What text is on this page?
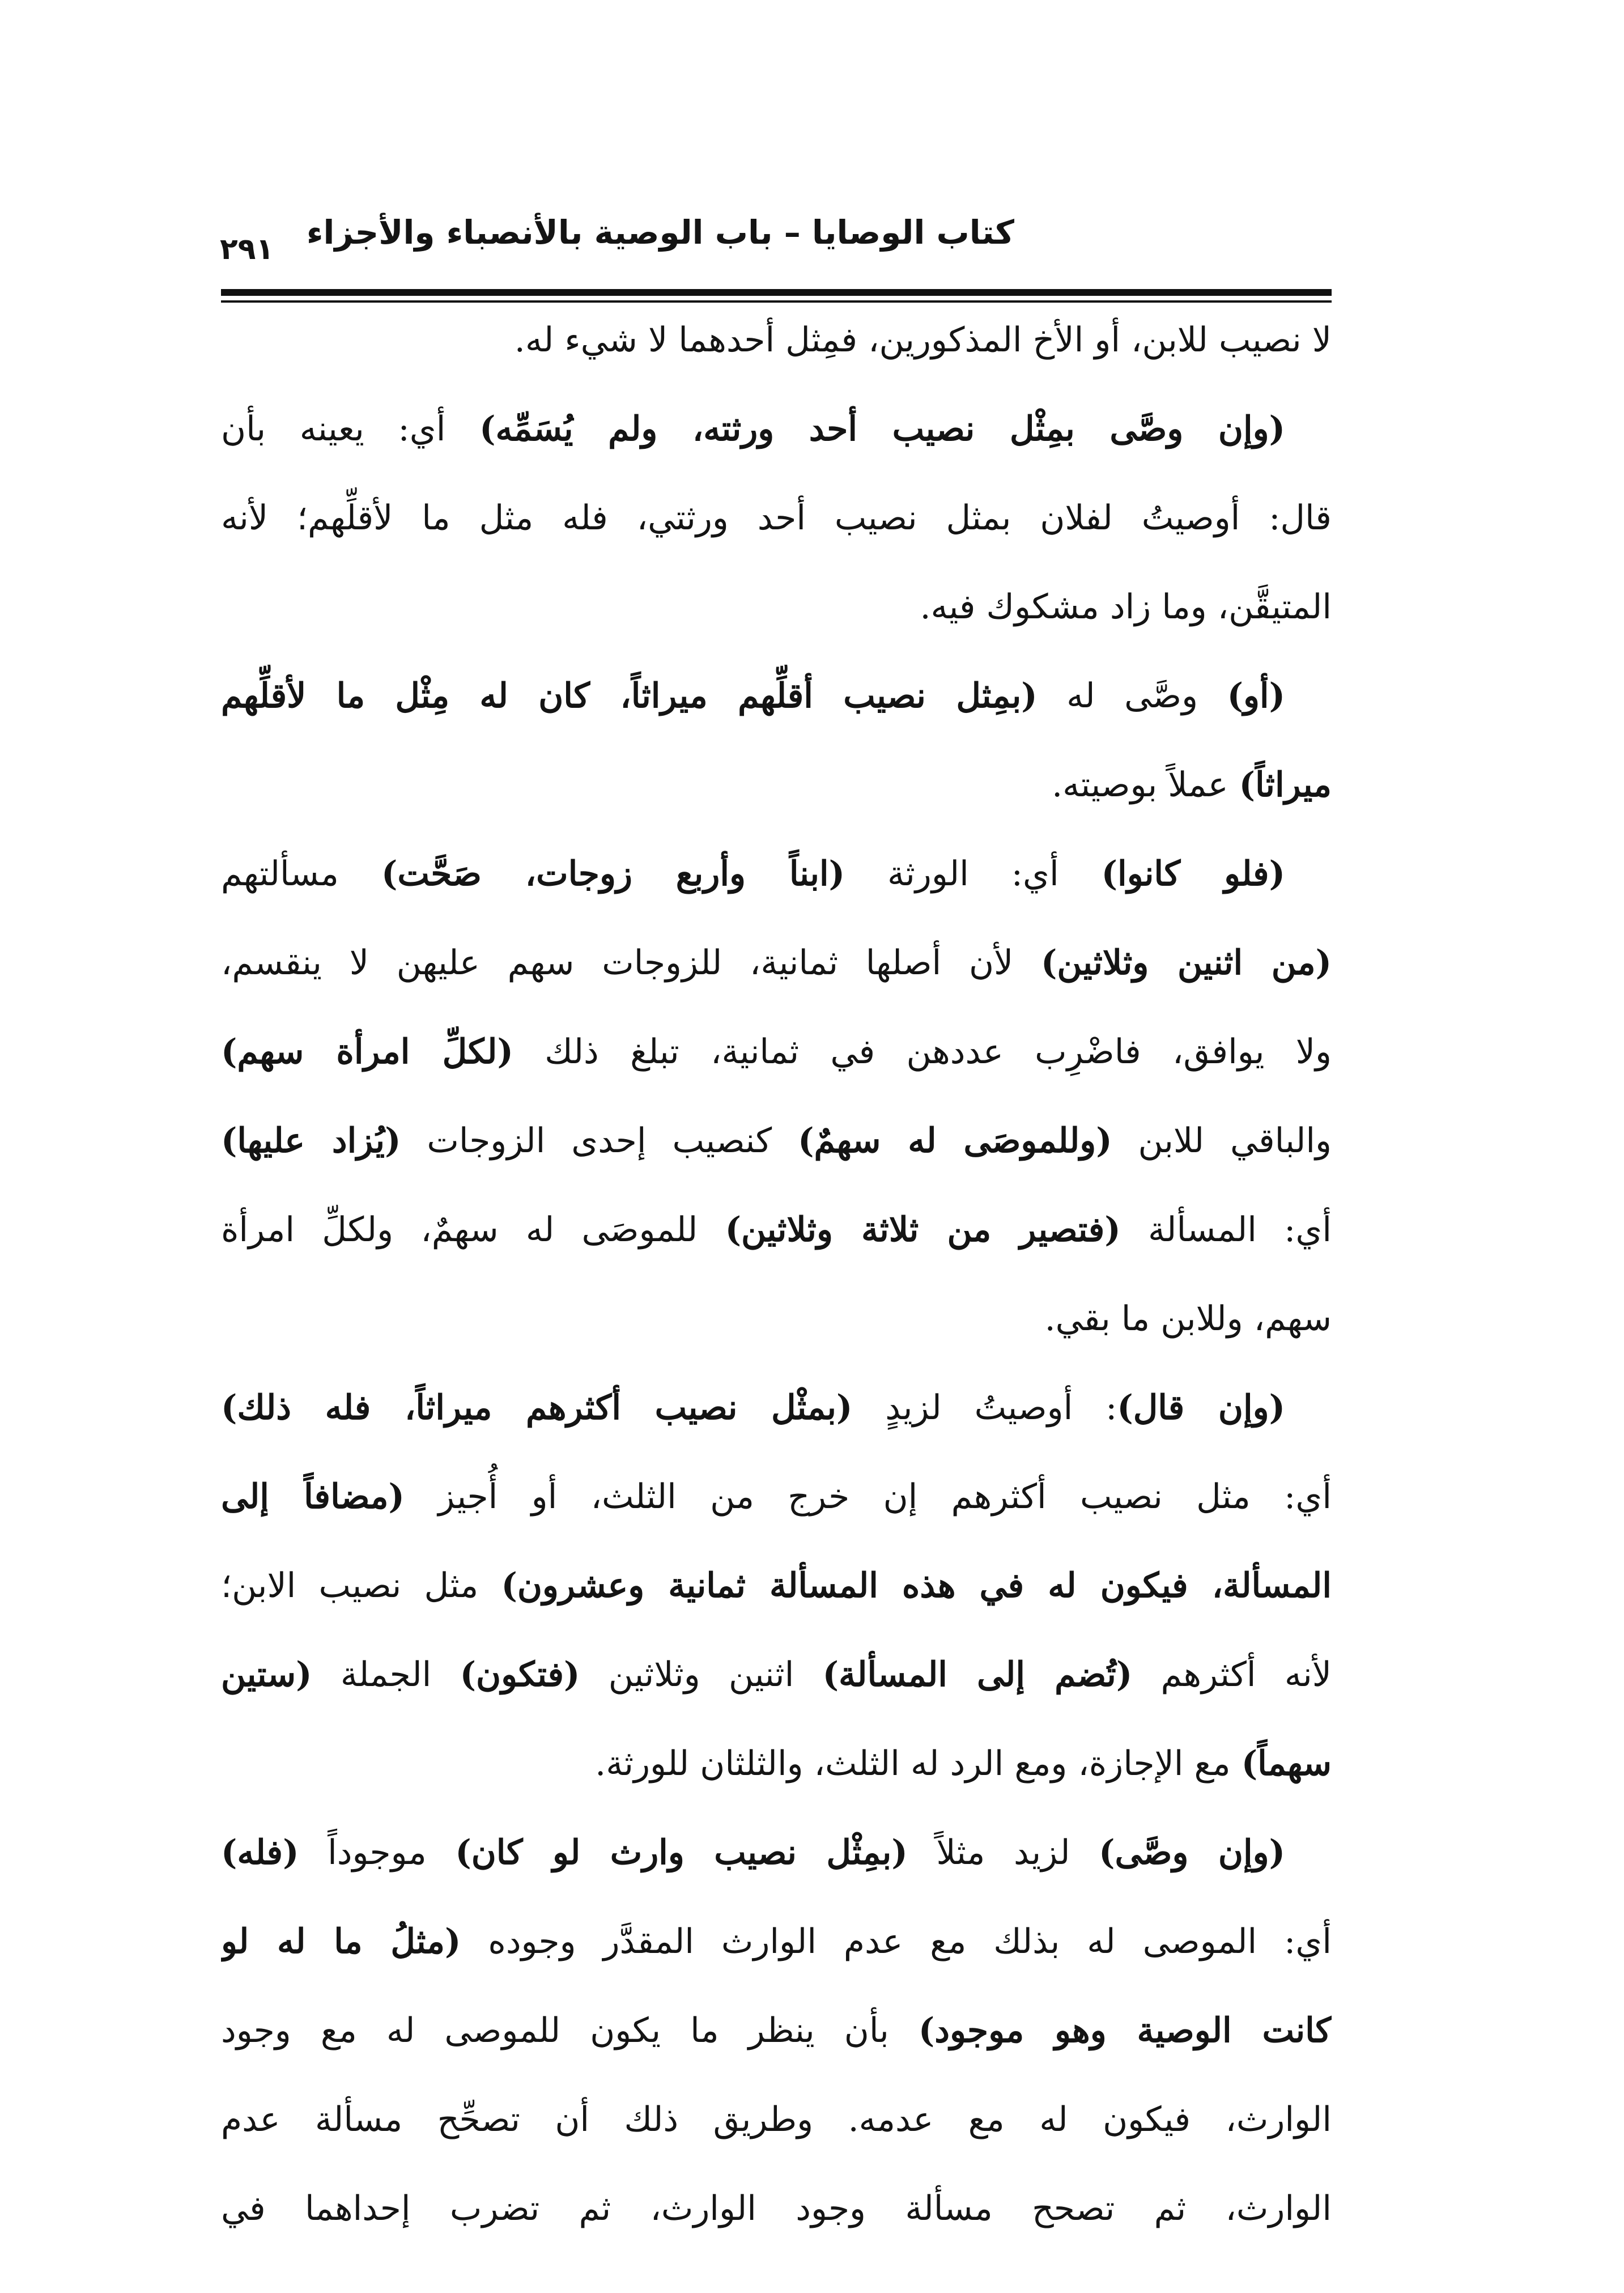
كتاب الوصايا – باب الوصية بالأنصباء والأجزاء
٢٩١
لا نصيب للابن، أو الأخ المذكورين، فمِثل أحدهما لا شيء له.
(وإن وصَّى بمِثْل نصيب أحد ورثته، ولم يُسَمِّه) أي: يعينه بأن
قال: أوصيتُ لفلان بمثل نصيب أحد ورثتي، فله مثل ما لأقلِّهم؛ لأنه
المتيقَّن، وما زاد مشكوك فيه.
(أو) وصَّى له (بمِثل نصيب أقلِّهم ميراثاً، كان له مِثْل ما لأقلِّهم
ميراثاً) عملاً بوصيته.
(فلو كانوا) أي: الورثة (ابناً وأربع زوجات، صَحَّت) مسألتهم
(من اثنين وثلاثين) لأن أصلها ثمانية، للزوجات سهم عليهن لا ينقسم،
ولا يوافق، فاضْرِب عددهن في ثمانية، تبلغ ذلك (لكلِّ امرأة سهم)
والباقي للابن (وللموصَى له سهمٌ) كنصيب إحدى الزوجات (يُزاد عليها)
أي: المسألة (فتصير من ثلاثة وثلاثين) للموصَى له سهمٌ، ولكلِّ امرأة
سهم، وللابن ما بقي.
(وإن قال): أوصيتُ لزيدٍ (بمثْل نصيب أكثرهم ميراثاً، فله ذلك)
أي: مثل نصيب أكثرهم إن خرج من الثلث، أو أُجيز (مضافاً إلى
المسألة، فيكون له في هذه المسألة ثمانية وعشرون) مثل نصيب الابن؛
لأنه أكثرهم (تُضم إلى المسألة) اثنين وثلاثين (فتكون) الجملة (ستين
سهماً) مع الإجازة، ومع الرد له الثلث، والثلثان للورثة.
(وإن وصَّى) لزيد مثلاً (بمِثْل نصيب وارث لو كان) موجوداً (فله)
أي: الموصى له بذلك مع عدم الوارث المقدَّر وجوده (مثلُ ما له لو
كانت الوصية وهو موجود) بأن ينظر ما يكون للموصى له مع وجود
الوارث، فيكون له مع عدمه. وطريق ذلك أن تصحِّح مسألة عدم
الوارث، ثم تصحح مسألة وجود الوارث، ثم تضرب إحداهما في
